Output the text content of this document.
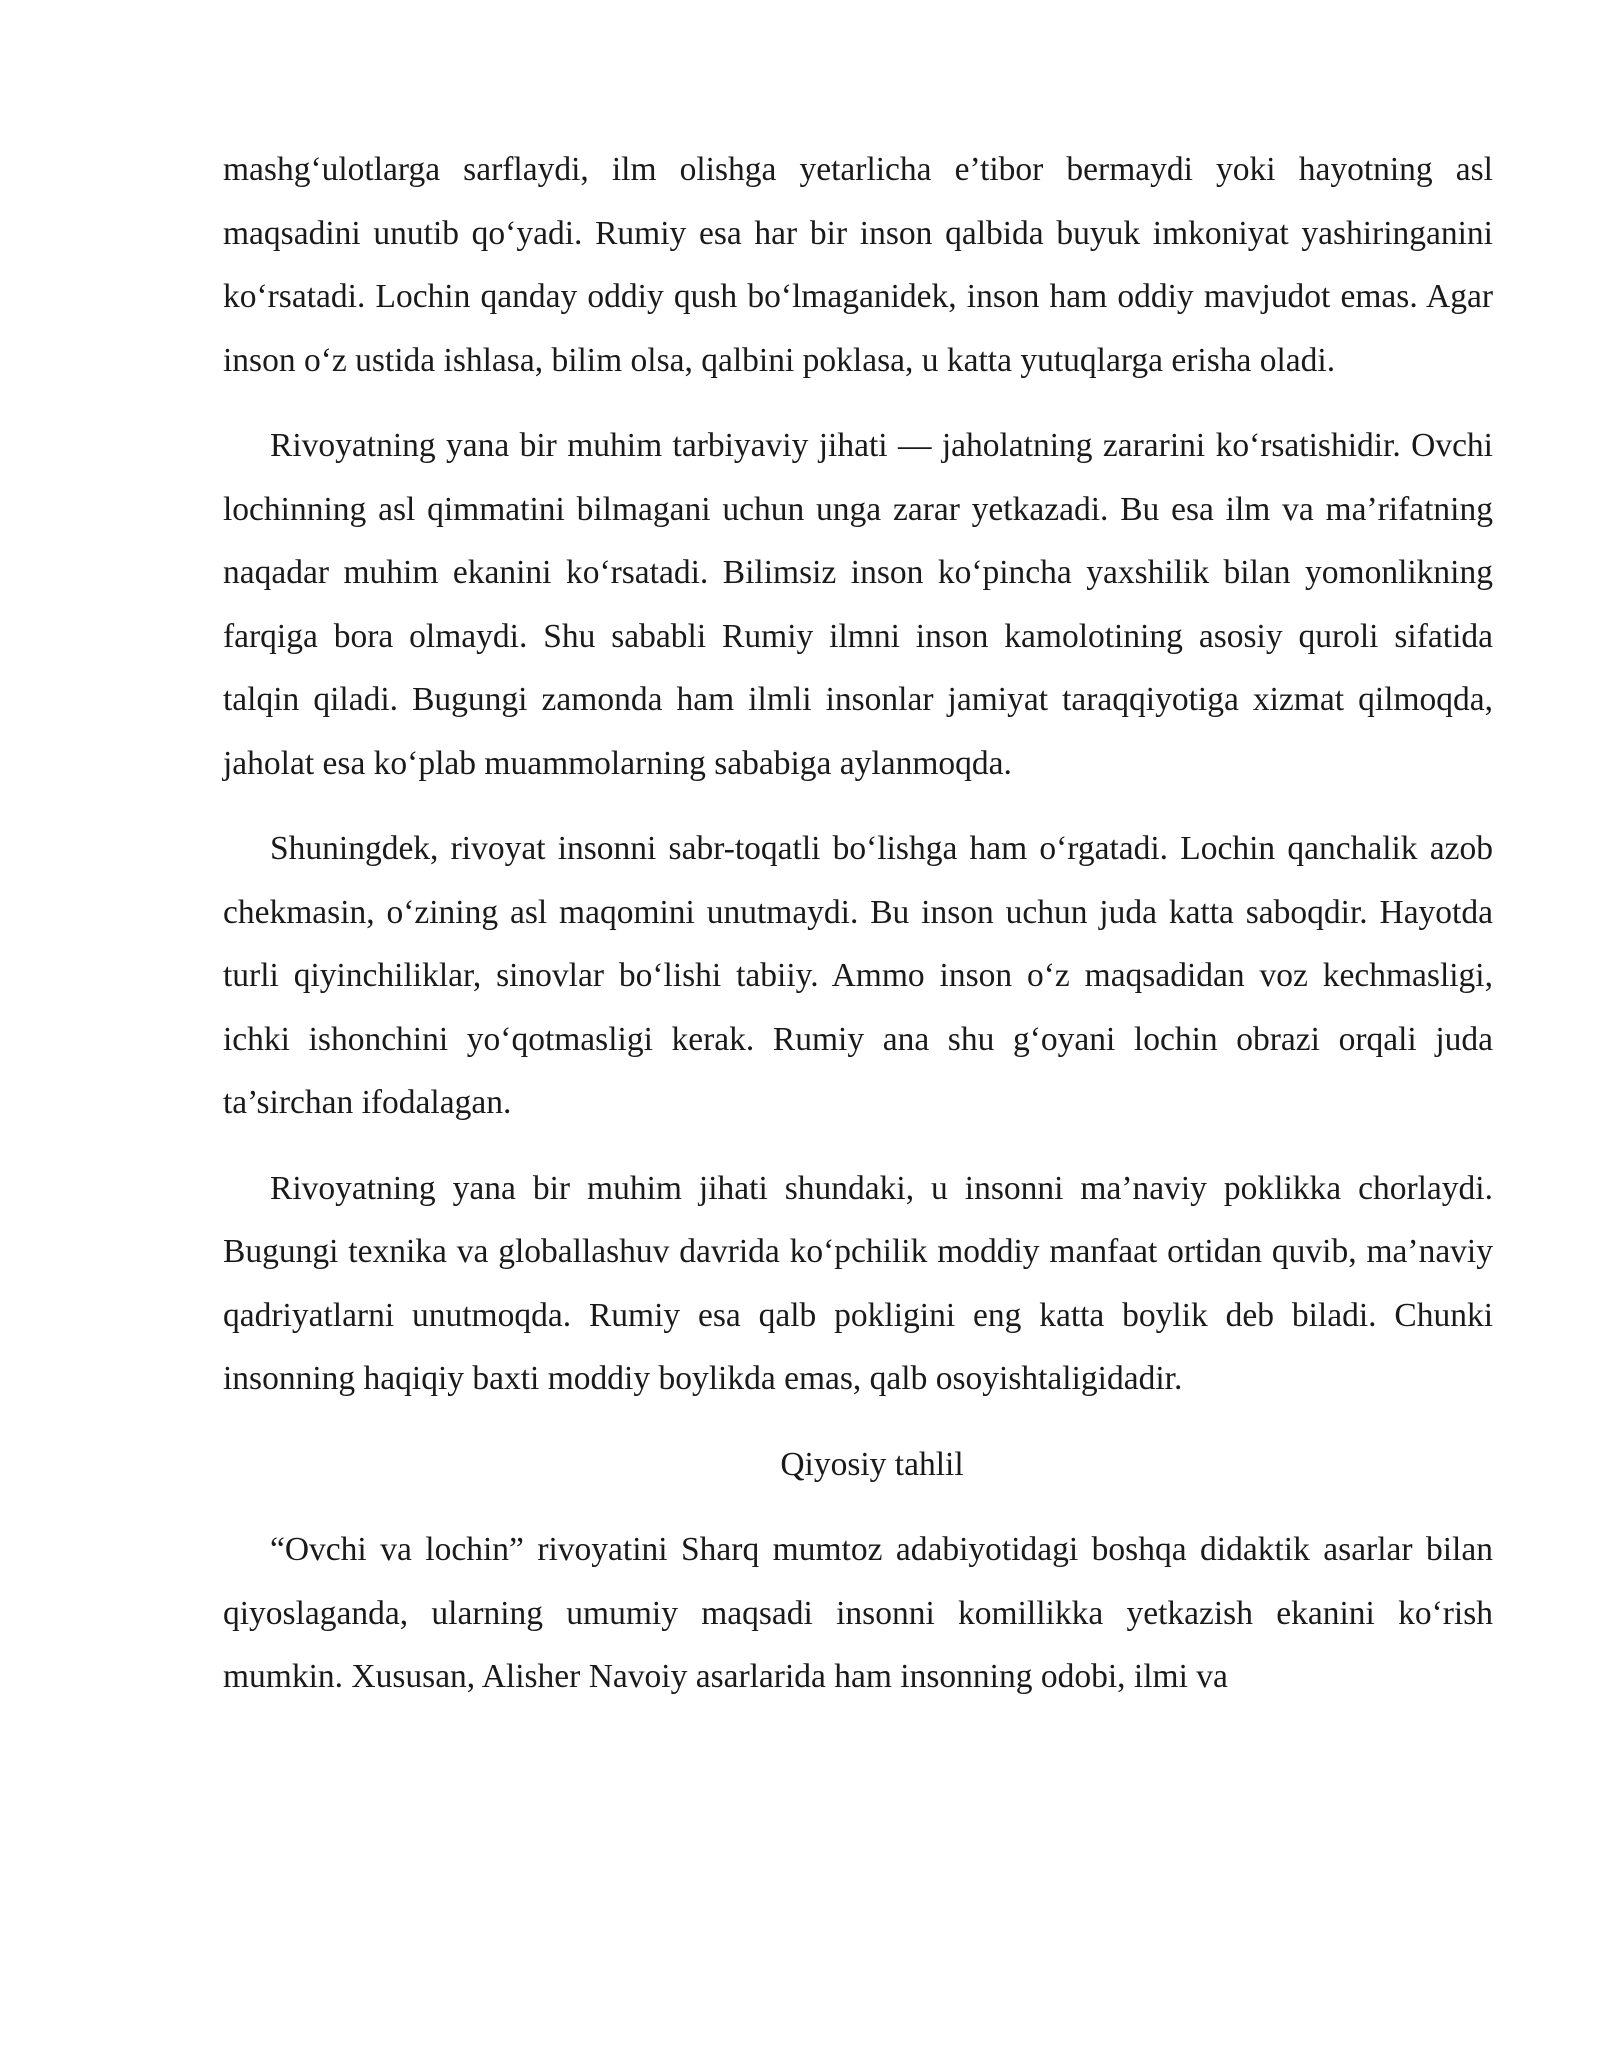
mashg‘ulotlarga sarflaydi, ilm olishga yetarlicha e’tibor bermaydi yoki hayotning asl maqsadini unutib qo‘yadi. Rumiy esa har bir inson qalbida buyuk imkoniyat yashiringanini ko‘rsatadi. Lochin qanday oddiy qush bo‘lmaganidek, inson ham oddiy mavjudot emas. Agar inson o‘z ustida ishlasa, bilim olsa, qalbini poklasa, u katta yutuqlarga erisha oladi.

Rivoyatning yana bir muhim tarbiyaviy jihati — jaholatning zararini ko‘rsatishidir. Ovchi lochinning asl qimmatini bilmagani uchun unga zarar yetkazadi. Bu esa ilm va ma’rifatning naqadar muhim ekanini ko‘rsatadi. Bilimsiz inson ko‘pincha yaxshilik bilan yomonlikning farqiga bora olmaydi. Shu sababli Rumiy ilmni inson kamolotining asosiy quroli sifatida talqin qiladi. Bugungi zamonda ham ilmli insonlar jamiyat taraqqiyotiga xizmat qilmoqda, jaholat esa ko‘plab muammolarning sababiga aylanmoqda.

Shuningdek, rivoyat insonni sabr-toqatli bo‘lishga ham o‘rgatadi. Lochin qanchalik azob chekmasin, o‘zining asl maqomini unutmaydi. Bu inson uchun juda katta saboqdir. Hayotda turli qiyinchiliklar, sinovlar bo‘lishi tabiiy. Ammo inson o‘z maqsadidan voz kechmasligi, ichki ishonchini yo‘qotmasligi kerak. Rumiy ana shu g‘oyani lochin obrazi orqali juda ta’sirchan ifodalagan.

Rivoyatning yana bir muhim jihati shundaki, u insonni ma’naviy poklikka chorlaydi. Bugungi texnika va globallashuv davrida ko‘pchilik moddiy manfaat ortidan quvib, ma’naviy qadriyatlarni unutmoqda. Rumiy esa qalb pokligini eng katta boylik deb biladi. Chunki insonning haqiqiy baxti moddiy boylikda emas, qalb osoyishtaligidadir.

Qiyosiy tahlil

“Ovchi va lochin” rivoyatini Sharq mumtoz adabiyotidagi boshqa didaktik asarlar bilan qiyoslaganda, ularning umumiy maqsadi insonni komillikka yetkazish ekanini ko‘rish mumkin. Xususan, Alisher Navoiy asarlarida ham insonning odobi, ilmi va
